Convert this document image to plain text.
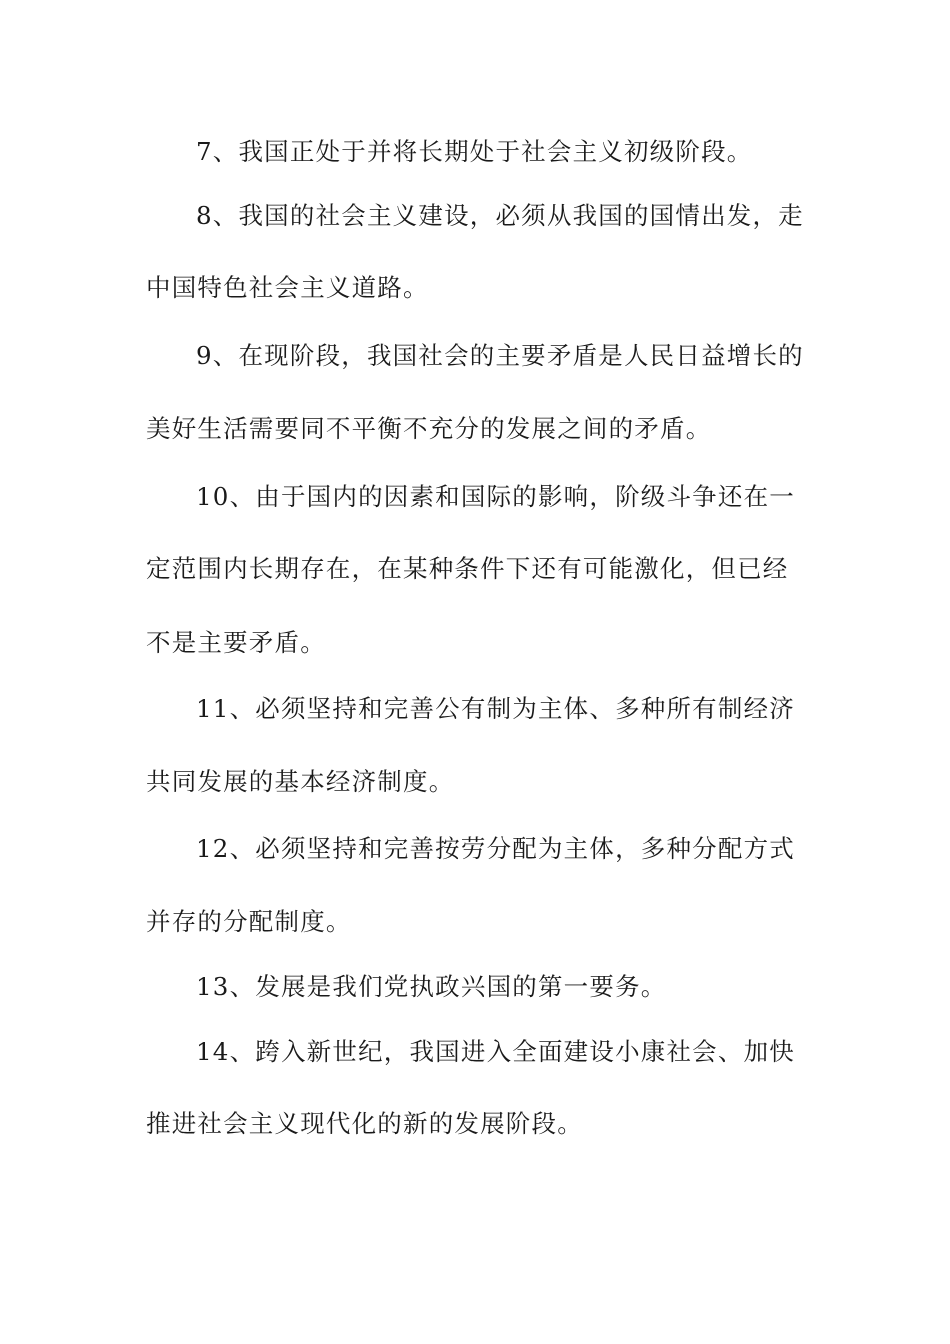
7、我国正处于并将长期处于社会主义初级阶段。
8、我国的社会主义建设，必须从我国的国情出发，走
中国特色社会主义道路。
9、在现阶段，我国社会的主要矛盾是人民日益增长的
美好生活需要同不平衡不充分的发展之间的矛盾。
10、由于国内的因素和国际的影响，阶级斗争还在一
定范围内长期存在，在某种条件下还有可能激化，但已经
不是主要矛盾。
11、必须坚持和完善公有制为主体、多种所有制经济
共同发展的基本经济制度。
12、必须坚持和完善按劳分配为主体，多种分配方式
并存的分配制度。
13、发展是我们党执政兴国的第一要务。
14、跨入新世纪，我国进入全面建设小康社会、加快
推进社会主义现代化的新的发展阶段。
